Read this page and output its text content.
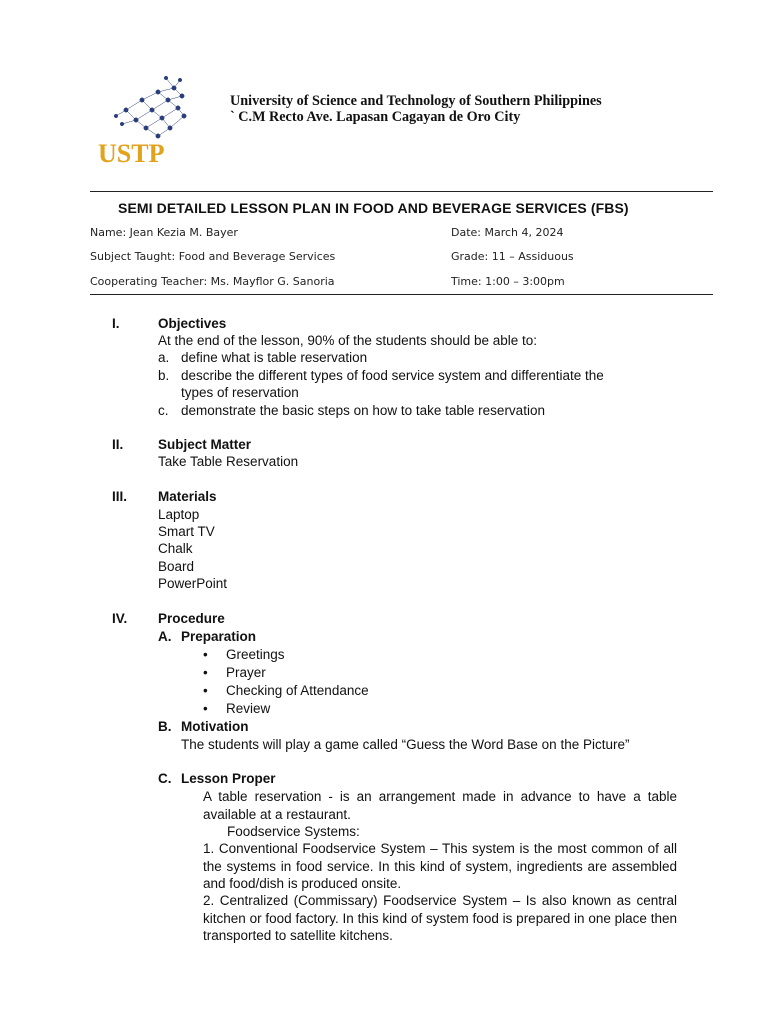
USTP
University of Science and Technology of Southern Philippines
` C.M Recto Ave. Lapasan Cagayan de Oro City
SEMI DETAILED LESSON PLAN IN FOOD AND BEVERAGE SERVICES (FBS)
Name: Jean Kezia M. Bayer
Subject Taught: Food and Beverage Services
Cooperating Teacher: Ms. Mayflor G. Sanoria
Date: March 4, 2024
Grade: 11 – Assiduous
Time: 1:00 – 3:00pm
I.	Objectives
At the end of the lesson, 90% of the students should be able to:
a. define what is table reservation
b. describe the different types of food service system and differentiate the
types of reservation
c. demonstrate the basic steps on how to take table reservation
II.	Subject Matter
Take Table Reservation
III. Materials
Laptop
Smart TV
Chalk
Board
PowerPoint
IV. Procedure
A. Preparation
• Greetings
• Prayer
• Checking of Attendance
• Review
B. Motivation
The students will play a game called “Guess the Word Base on the Picture”
C. Lesson Proper
A table reservation - is an arrangement made in advance to have a table available at a restaurant.
Foodservice Systems:
1. Conventional Foodservice System – This system is the most common of all the systems in food service. In this kind of system, ingredients are assembled and food/dish is produced onsite.
2. Centralized (Commissary) Foodservice System – Is also known as central kitchen or food factory. In this kind of system food is prepared in one place then transported to satellite kitchens.
